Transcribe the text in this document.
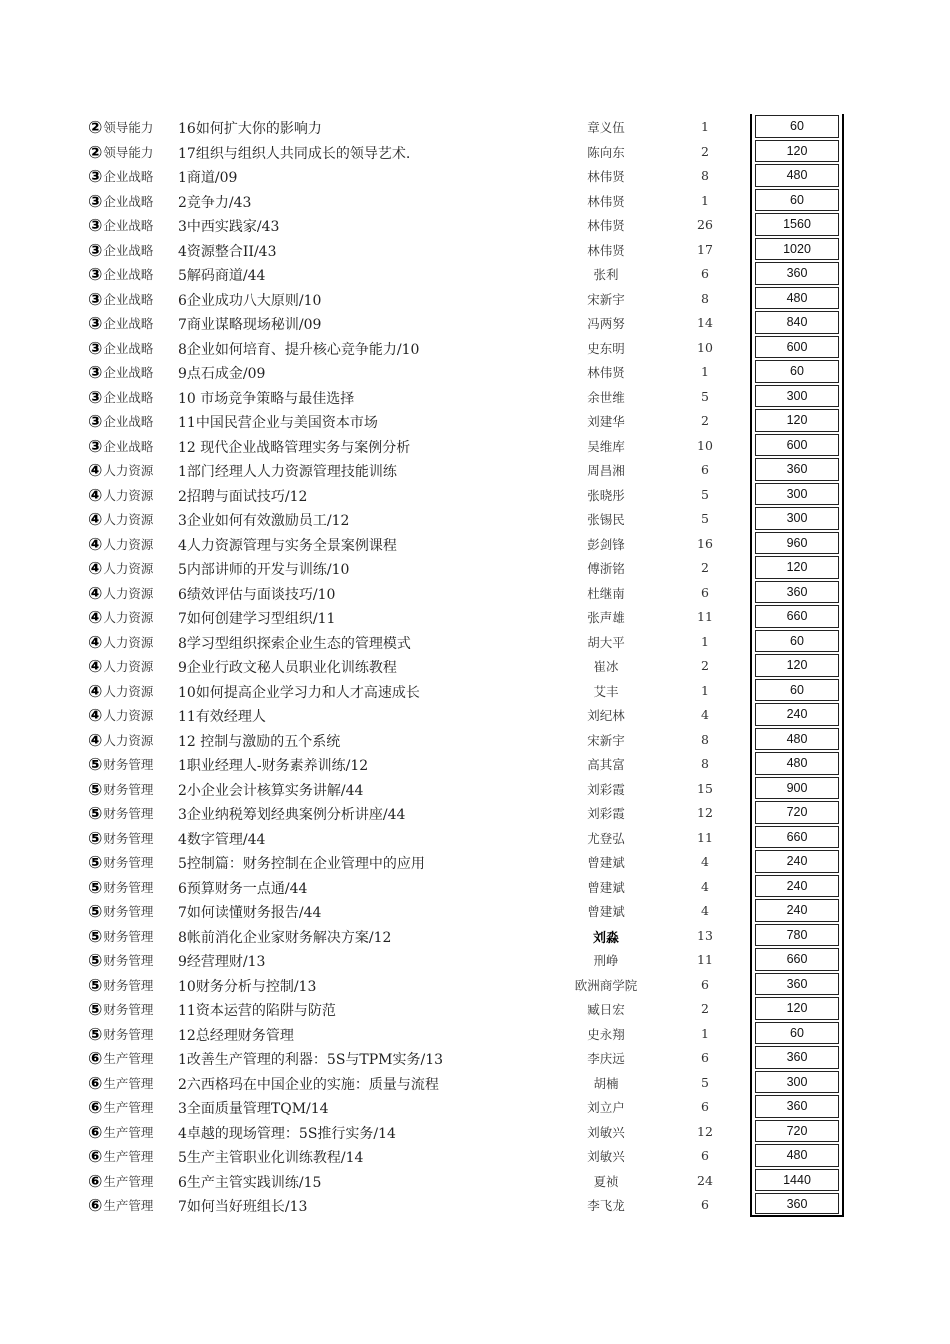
②领导能力 16如何扩大你的影响力	章义伍	1	60
②领导能力 17组织与组织人共同成长的领导艺术.	陈向东	2	120
③企业战略 1商道/09	林伟贤	8	480
③企业战略 2竞争力/43	林伟贤	1	60
③企业战略 3中西实践家/43	林伟贤	26	1560
③企业战略 4资源整合II/43	林伟贤	17	1020
③企业战略 5解码商道/44	张利	6	360
③企业战略 6企业成功八大原则/10	宋新宇	8	480
③企业战略 7商业谋略现场秘训/09	冯两努	14	840
③企业战略 8企业如何培育、提升核心竞争能力/10	史东明	10	600
③企业战略 9点石成金/09	林伟贤	1	60
③企业战略 10 市场竞争策略与最佳选择	余世维	5	300
③企业战略 11中国民营企业与美国资本市场	刘建华	2	120
③企业战略 12 现代企业战略管理实务与案例分析	吴维库	10	600
④人力资源 1部门经理人人力资源管理技能训练	周昌湘	6	360
④人力资源 2招聘与面试技巧/12	张晓彤	5	300
④人力资源 3企业如何有效激励员工/12	张锡民	5	300
④人力资源 4人力资源管理与实务全景案例课程	彭剑锋	16	960
④人力资源 5内部讲师的开发与训练/10	傅浙铭	2	120
④人力资源 6绩效评估与面谈技巧/10	杜继南	6	360
④人力资源 7如何创建学习型组织/11	张声雄	11	660
④人力资源 8学习型组织探索企业生态的管理模式	胡大平	1	60
④人力资源 9企业行政文秘人员职业化训练教程	崔冰	2	120
④人力资源 10如何提高企业学习力和人才高速成长	艾丰	1	60
④人力资源 11有效经理人	刘纪林	4	240
④人力资源 12 控制与激励的五个系统	宋新宇	8	480
⑤财务管理 1职业经理人-财务素养训练/12	高其富	8	480
⑤财务管理 2小企业会计核算实务讲解/44	刘彩霞	15	900
⑤财务管理 3企业纳税筹划经典案例分析讲座/44	刘彩霞	12	720
⑤财务管理 4数字管理/44	尤登弘	11	660
⑤财务管理 5控制篇：财务控制在企业管理中的应用	曾建斌	4	240
⑤财务管理 6预算财务一点通/44	曾建斌	4	240
⑤财务管理 7如何读懂财务报告/44	曾建斌	4	240
⑤财务管理 8帐前消化企业家财务解决方案/12	刘淼	13	780
⑤财务管理 9经营理财/13	刑峥	11	660
⑤财务管理 10财务分析与控制/13	欧洲商学院	6	360
⑤财务管理 11资本运营的陷阱与防范	臧日宏	2	120
⑤财务管理 12总经理财务管理	史永翔	1	60
⑥生产管理 1改善生产管理的利器：5S与TPM实务/13	李庆远	6	360
⑥生产管理 2六西格玛在中国企业的实施：质量与流程	胡楠	5	300
⑥生产管理 3全面质量管理TQM/14	刘立户	6	360
⑥生产管理 4卓越的现场管理：5S推行实务/14	刘敏兴	12	720
⑥生产管理 5生产主管职业化训练教程/14	刘敏兴	6	480
⑥生产管理 6生产主管实践训练/15	夏祯	24	1440
⑥生产管理 7如何当好班组长/13	李飞龙	6	360
